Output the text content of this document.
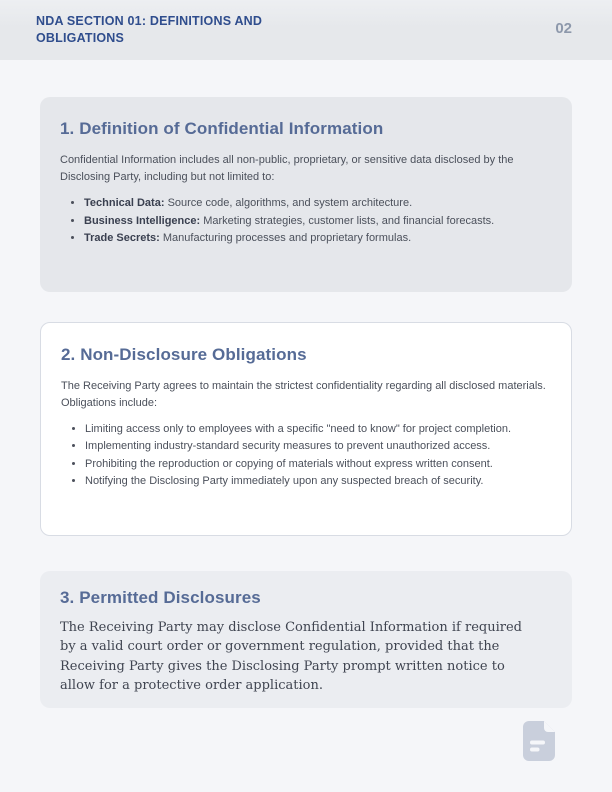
NDA SECTION 01: DEFINITIONS AND OBLIGATIONS
02
1. Definition of Confidential Information

Confidential Information includes all non-public, proprietary, or sensitive data disclosed by the Disclosing Party, including but not limited to:

• Technical Data: Source code, algorithms, and system architecture.
• Business Intelligence: Marketing strategies, customer lists, and financial forecasts.
• Trade Secrets: Manufacturing processes and proprietary formulas.
2. Non-Disclosure Obligations

The Receiving Party agrees to maintain the strictest confidentiality regarding all disclosed materials. Obligations include:

• Limiting access only to employees with a specific "need to know" for project completion.
• Implementing industry-standard security measures to prevent unauthorized access.
• Prohibiting the reproduction or copying of materials without express written consent.
• Notifying the Disclosing Party immediately upon any suspected breach of security.
3. Permitted Disclosures

The Receiving Party may disclose Confidential Information if required by a valid court order or government regulation, provided that the Receiving Party gives the Disclosing Party prompt written notice to allow for a protective order application.
